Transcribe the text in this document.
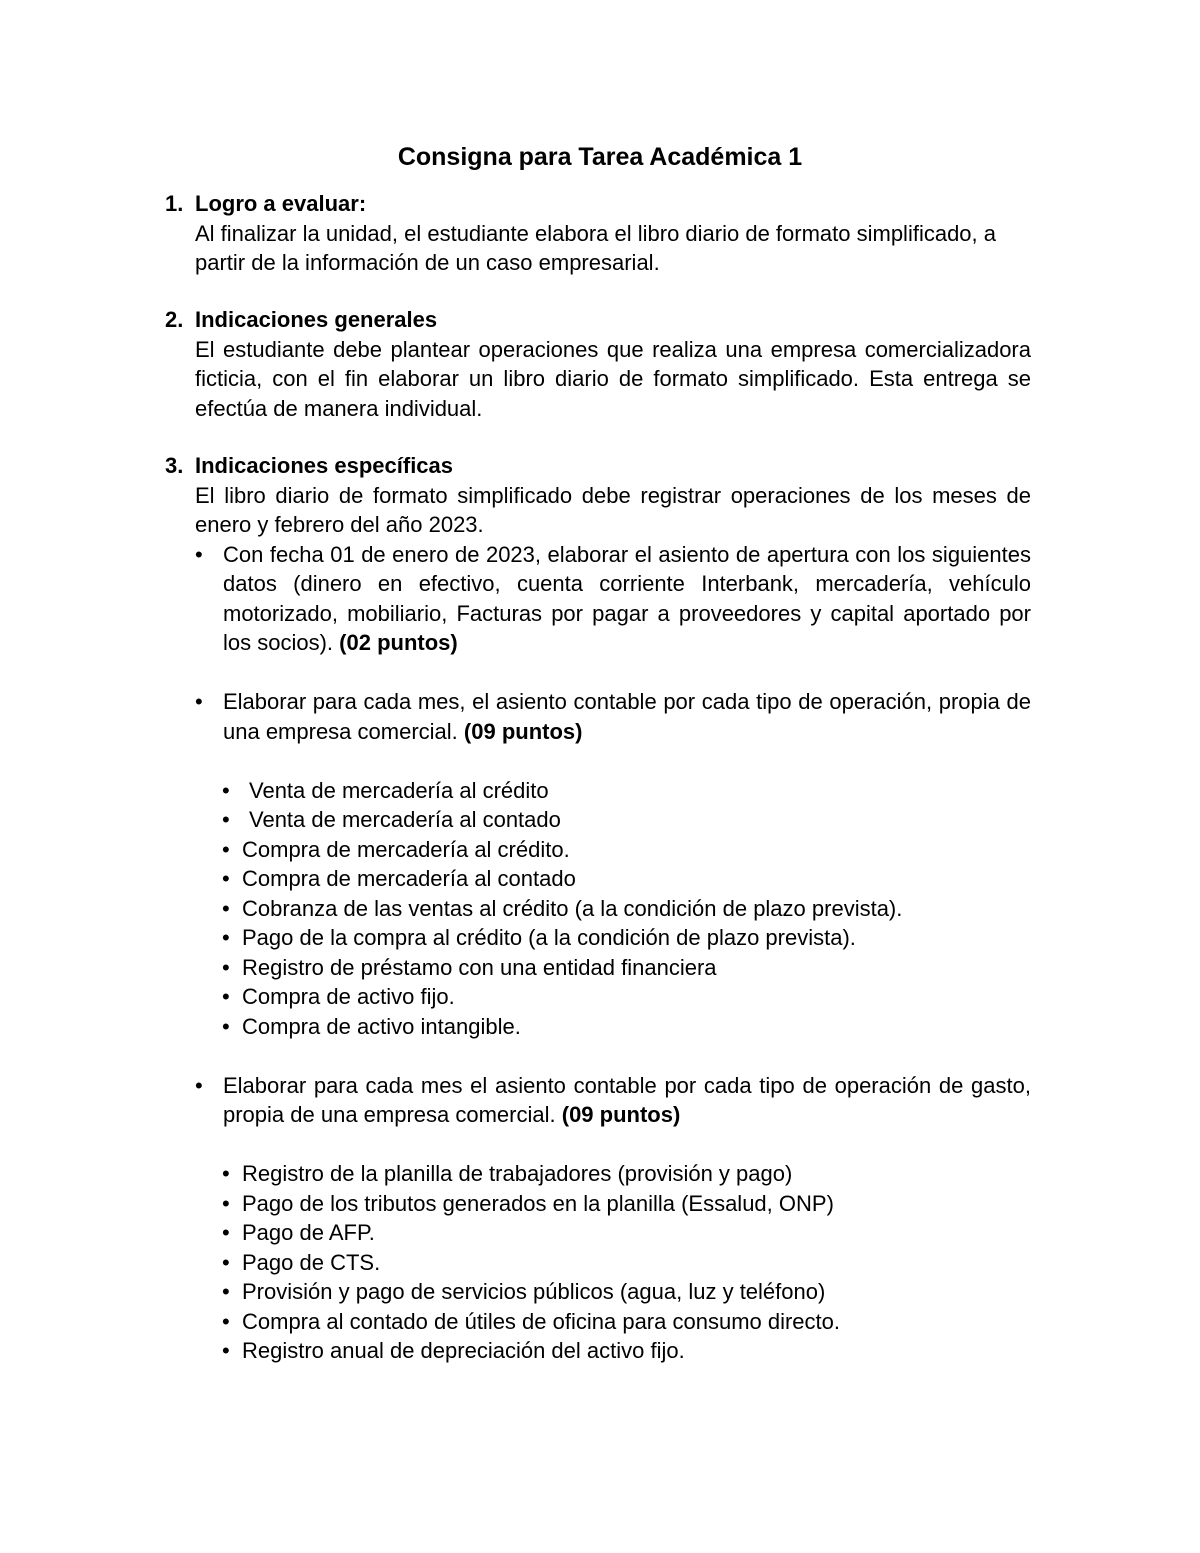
Consigna para Tarea Académica 1
1. Logro a evaluar:
Al finalizar la unidad, el estudiante elabora el libro diario de formato simplificado, a partir de la información de un caso empresarial.
2. Indicaciones generales
El estudiante debe plantear operaciones que realiza una empresa comercializadora ficticia, con el fin elaborar un libro diario de formato simplificado. Esta entrega se efectúa de manera individual.
3. Indicaciones específicas
El libro diario de formato simplificado debe registrar operaciones de los meses de enero y febrero del año 2023.
• Con fecha 01 de enero de 2023, elaborar el asiento de apertura con los siguientes datos (dinero en efectivo, cuenta corriente Interbank, mercadería, vehículo motorizado, mobiliario, Facturas por pagar a proveedores y capital aportado por los socios). (02 puntos)
• Elaborar para cada mes, el asiento contable por cada tipo de operación, propia de una empresa comercial. (09 puntos)
• Venta de mercadería al crédito
• Venta de mercadería al contado
• Compra de mercadería al crédito.
• Compra de mercadería al contado
• Cobranza de las ventas al crédito (a la condición de plazo prevista).
• Pago de la compra al crédito (a la condición de plazo prevista).
• Registro de préstamo con una entidad financiera
• Compra de activo fijo.
• Compra de activo intangible.
• Elaborar para cada mes el asiento contable por cada tipo de operación de gasto, propia de una empresa comercial. (09 puntos)
• Registro de la planilla de trabajadores (provisión y pago)
• Pago de los tributos generados en la planilla (Essalud, ONP)
• Pago de AFP.
• Pago de CTS.
• Provisión y pago de servicios públicos (agua, luz y teléfono)
• Compra al contado de útiles de oficina para consumo directo.
• Registro anual de depreciación del activo fijo.
